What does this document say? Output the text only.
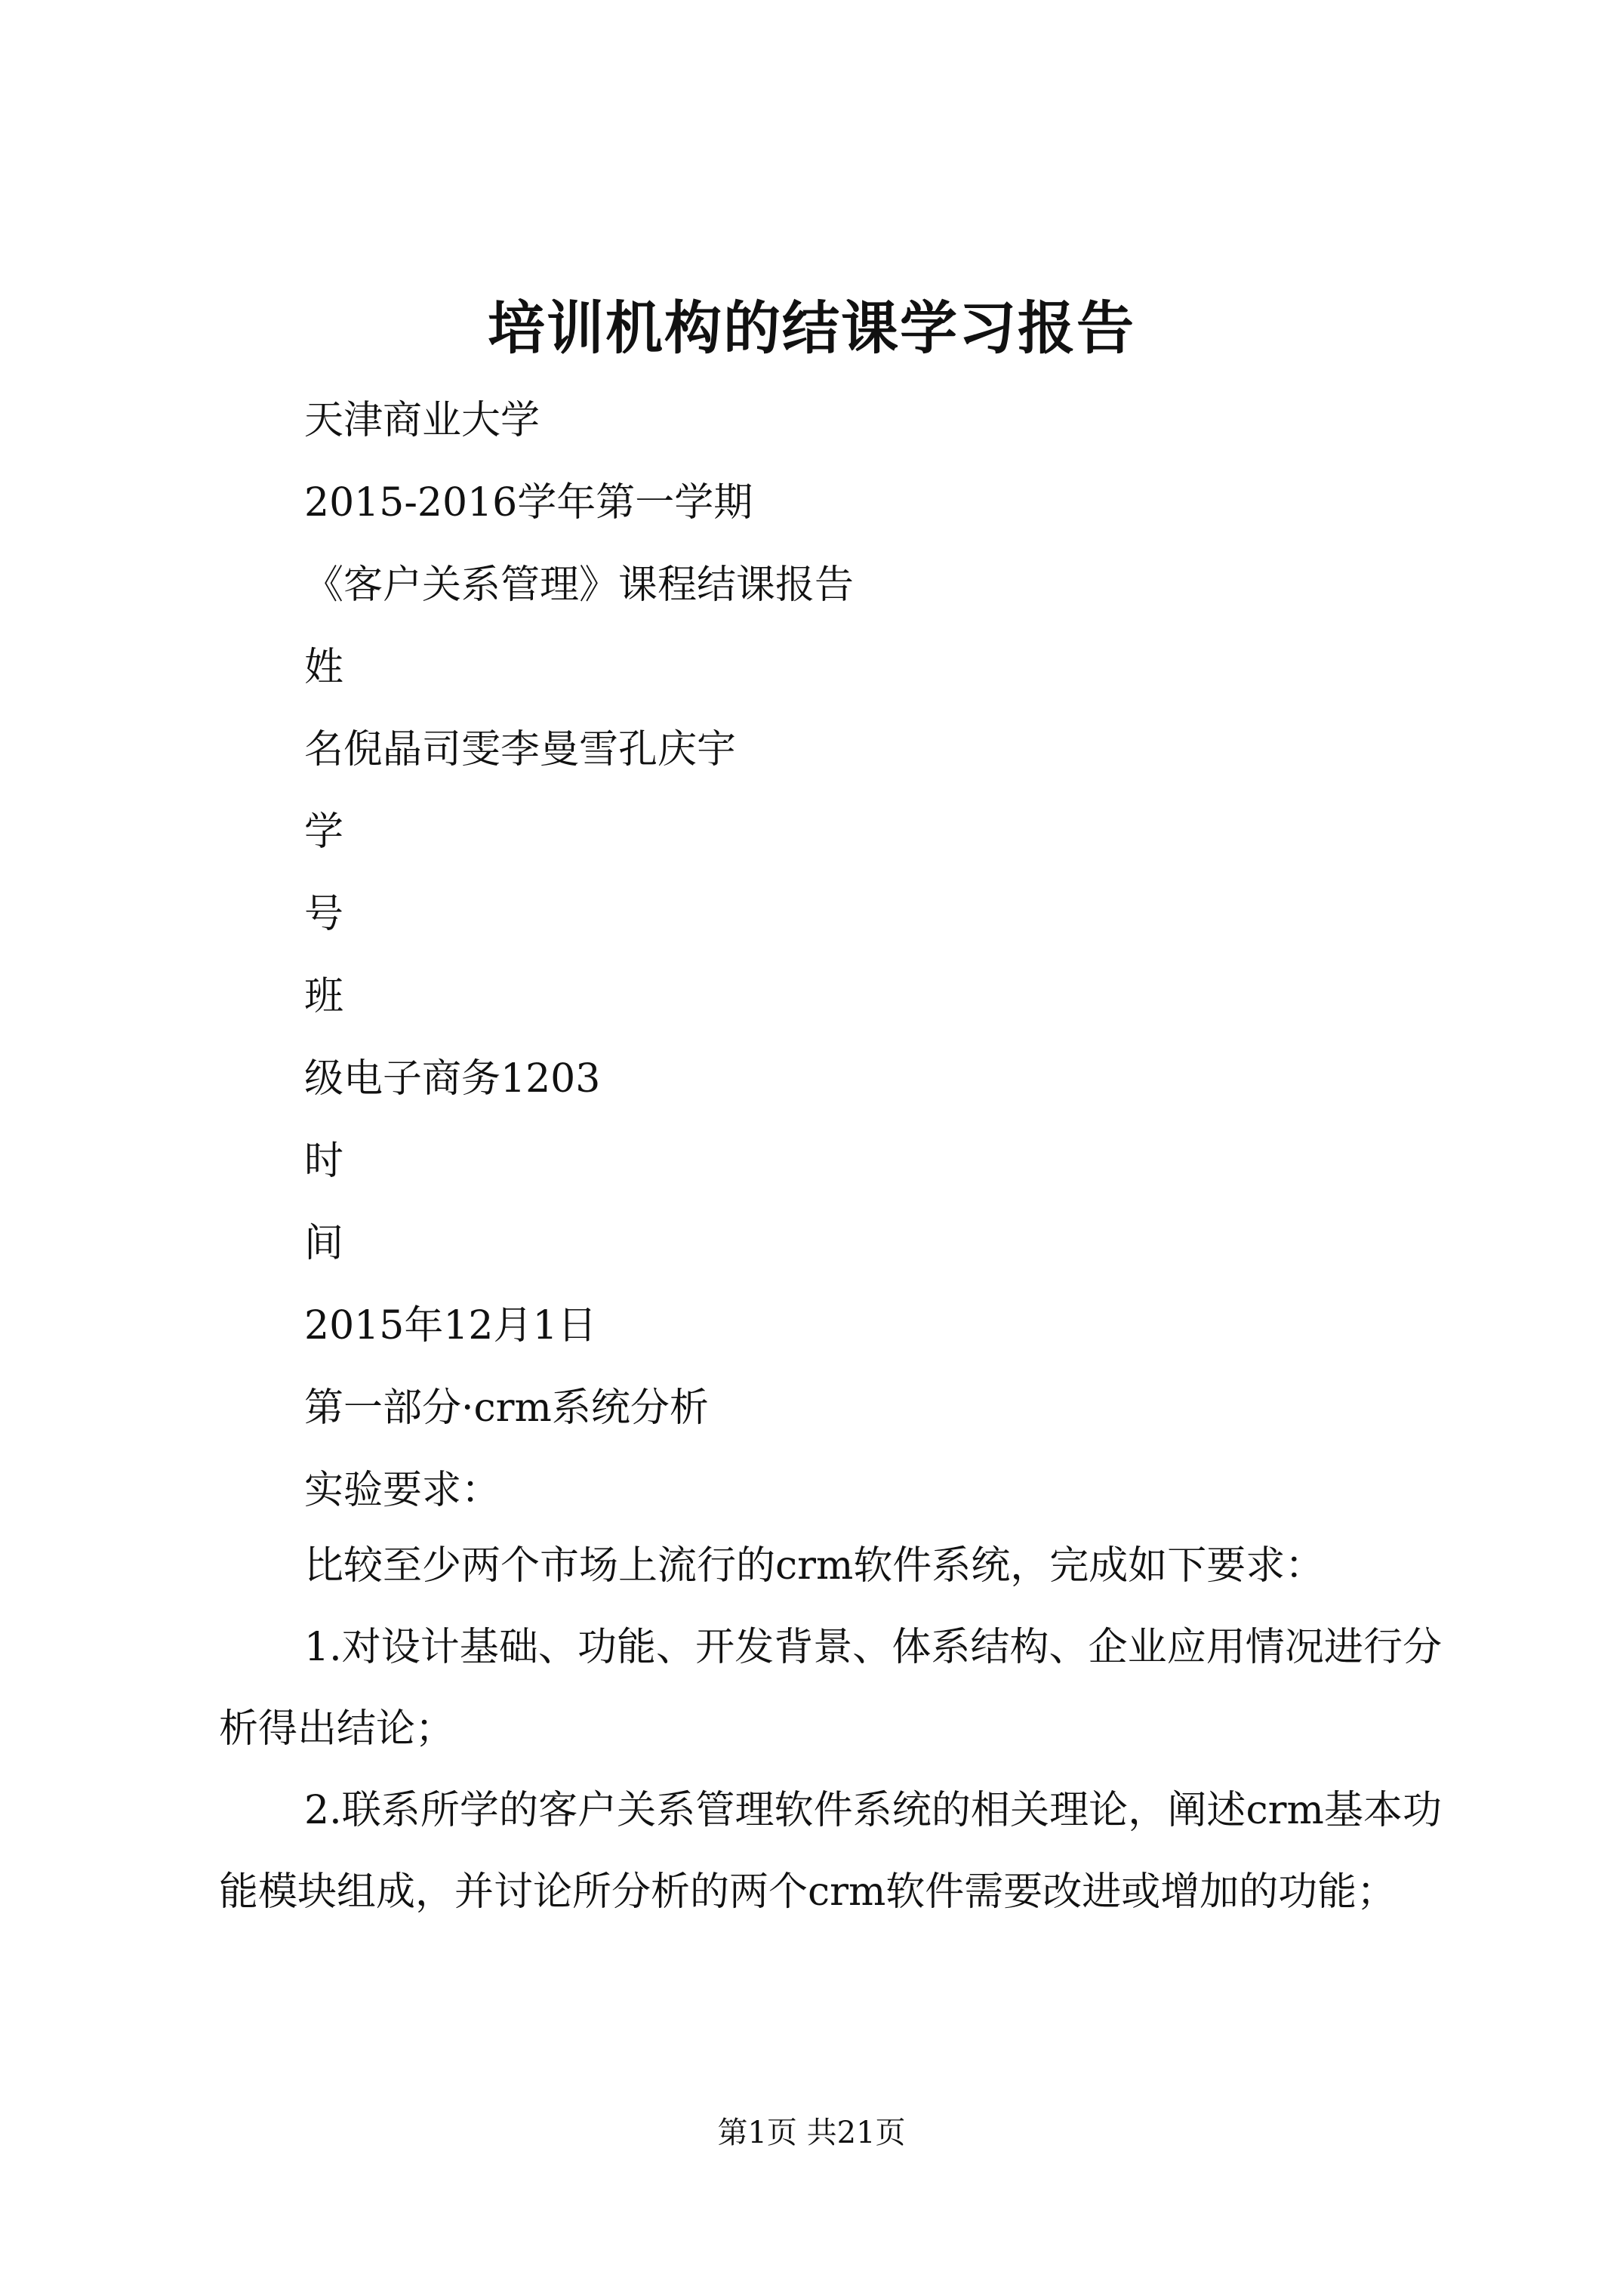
培训机构的结课学习报告
天津商业大学
2015-2016学年第一学期
《客户关系管理》课程结课报告
姓
名倪晶司雯李曼雪孔庆宇
学
号
班
级电子商务1203
时
间
2015年12月1日
第一部分·crm系统分析
实验要求：
比较至少两个市场上流行的crm软件系统，完成如下要求：
1.对设计基础、功能、开发背景、体系结构、企业应用情况进行分析得出结论；
2.联系所学的客户关系管理软件系统的相关理论，阐述crm基本功能模块组成，并讨论所分析的两个crm软件需要改进或增加的功能；
第1页 共21页
